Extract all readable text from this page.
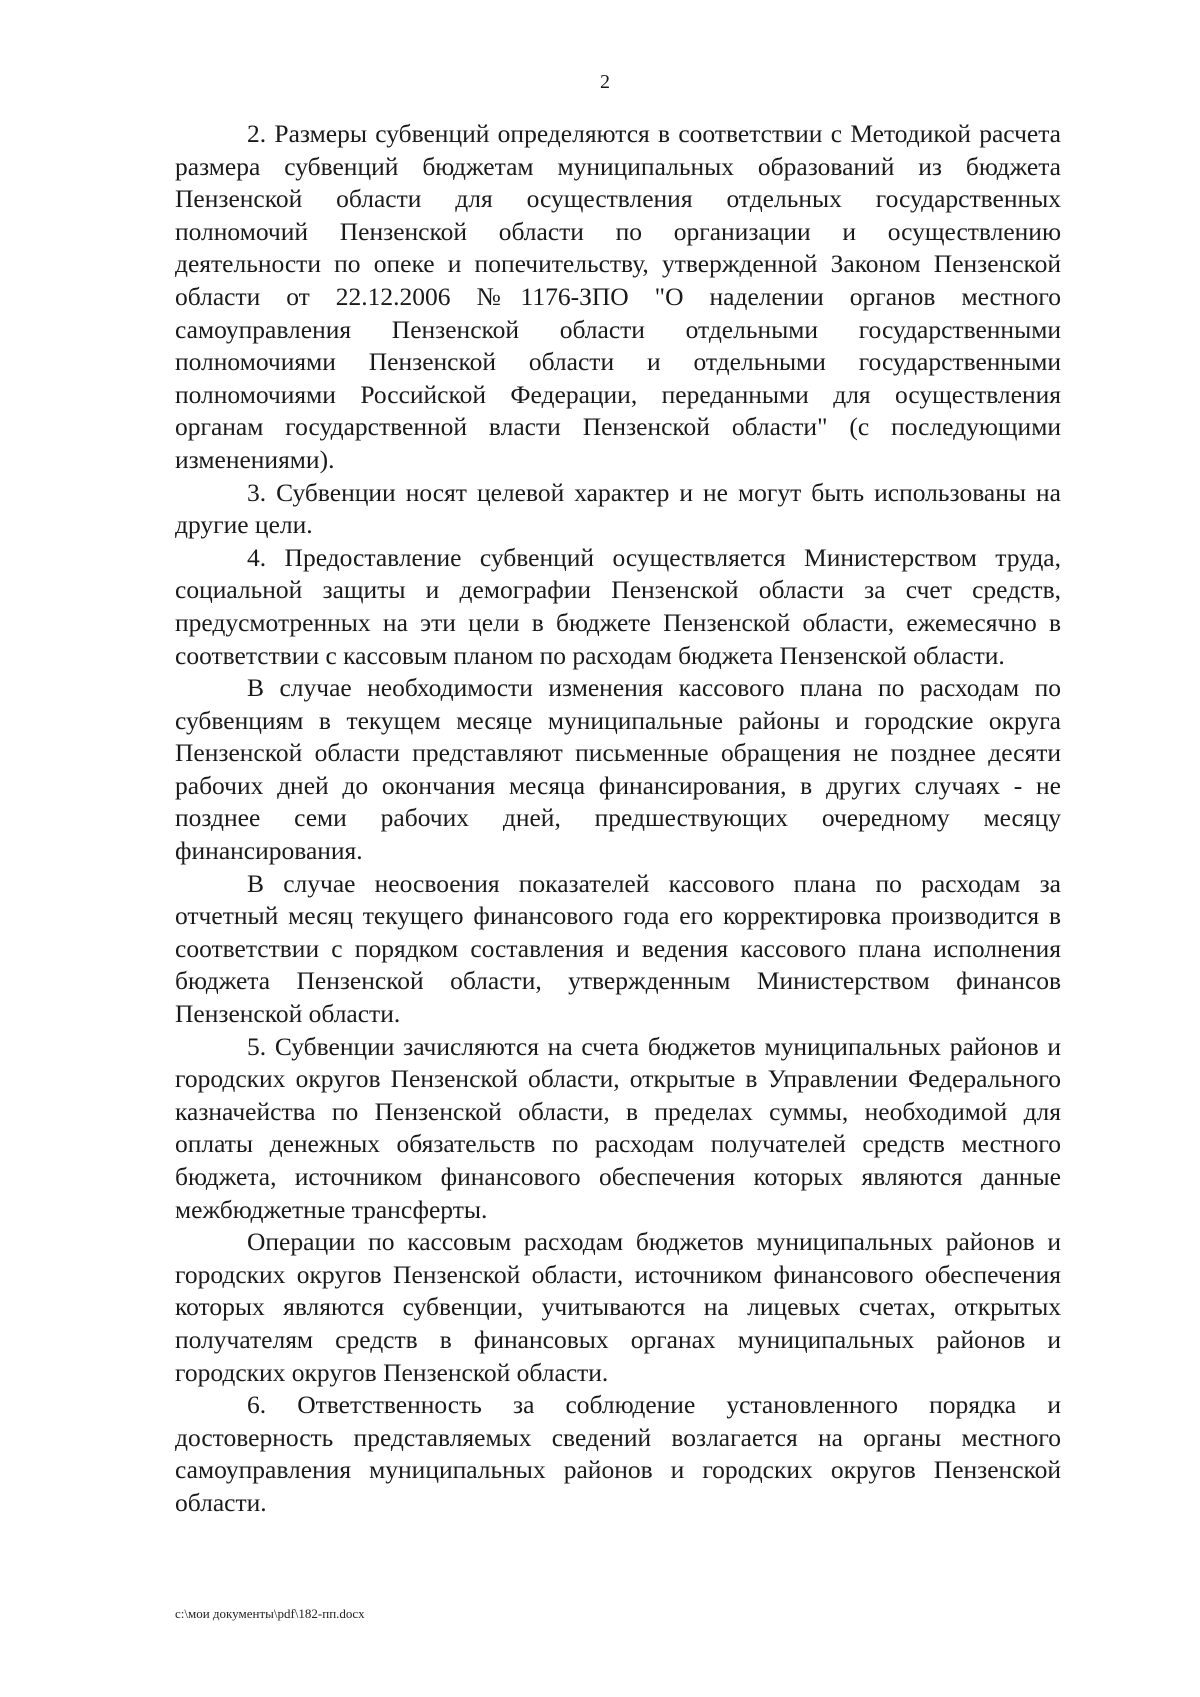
2

2. Размеры субвенций определяются в соответствии с Методикой расчета размера субвенций бюджетам муниципальных образований из бюджета Пензенской области для осуществления отдельных государственных полномочий Пензенской области по организации и осуществлению деятельности по опеке и попечительству, утвержденной Законом Пензенской области от 22.12.2006 №1176-ЗПО "О наделении органов местного самоуправления Пензенской области отдельными государственными полномочиями Пензенской области и отдельными государственными полномочиями Российской Федерации, переданными для осуществления органам государственной власти Пензенской области" (с последующими изменениями).

3. Субвенции носят целевой характер и не могут быть использованы на другие цели.

4. Предоставление субвенций осуществляется Министерством труда, социальной защиты и демографии Пензенской области за счет средств, предусмотренных на эти цели в бюджете Пензенской области, ежемесячно в соответствии с кассовым планом по расходам бюджета Пензенской области.

В случае необходимости изменения кассового плана по расходам по субвенциям в текущем месяце муниципальные районы и городские округа Пензенской области представляют письменные обращения не позднее десяти рабочих дней до окончания месяца финансирования, в других случаях - не позднее семи рабочих дней, предшествующих очередному месяцу финансирования.

В случае неосвоения показателей кассового плана по расходам за отчетный месяц текущего финансового года его корректировка производится в соответствии с порядком составления и ведения кассового плана исполнения бюджета Пензенской области, утвержденным Министерством финансов Пензенской области.

5. Субвенции зачисляются на счета бюджетов муниципальных районов и городских округов Пензенской области, открытые в Управлении Федерального казначейства по Пензенской области, в пределах суммы, необходимой для оплаты денежных обязательств по расходам получателей средств местного бюджета, источником финансового обеспечения которых являются данные межбюджетные трансферты.

Операции по кассовым расходам бюджетов муниципальных районов и городских округов Пензенской области, источником финансового обеспечения которых являются субвенции, учитываются на лицевых счетах, открытых получателям средств в финансовых органах муниципальных районов и городских округов Пензенской области.

6. Ответственность за соблюдение установленного порядка и достоверность представляемых сведений возлагается на органы местного самоуправления муниципальных районов и городских округов Пензенской области.

c:\мои документы\pdf\182-пп.docx
